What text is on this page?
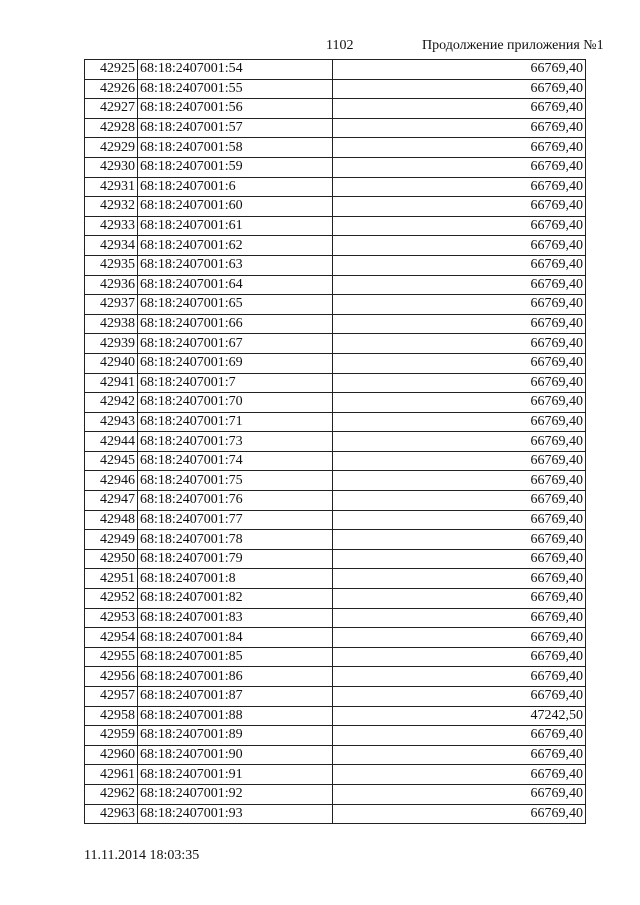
1102	Продолжение приложения №1
42925	68:18:2407001:54	66769,40
42926	68:18:2407001:55	66769,40
42927	68:18:2407001:56	66769,40
42928	68:18:2407001:57	66769,40
42929	68:18:2407001:58	66769,40
42930	68:18:2407001:59	66769,40
42931	68:18:2407001:6	66769,40
42932	68:18:2407001:60	66769,40
42933	68:18:2407001:61	66769,40
42934	68:18:2407001:62	66769,40
42935	68:18:2407001:63	66769,40
42936	68:18:2407001:64	66769,40
42937	68:18:2407001:65	66769,40
42938	68:18:2407001:66	66769,40
42939	68:18:2407001:67	66769,40
42940	68:18:2407001:69	66769,40
42941	68:18:2407001:7	66769,40
42942	68:18:2407001:70	66769,40
42943	68:18:2407001:71	66769,40
42944	68:18:2407001:73	66769,40
42945	68:18:2407001:74	66769,40
42946	68:18:2407001:75	66769,40
42947	68:18:2407001:76	66769,40
42948	68:18:2407001:77	66769,40
42949	68:18:2407001:78	66769,40
42950	68:18:2407001:79	66769,40
42951	68:18:2407001:8	66769,40
42952	68:18:2407001:82	66769,40
42953	68:18:2407001:83	66769,40
42954	68:18:2407001:84	66769,40
42955	68:18:2407001:85	66769,40
42956	68:18:2407001:86	66769,40
42957	68:18:2407001:87	66769,40
42958	68:18:2407001:88	47242,50
42959	68:18:2407001:89	66769,40
42960	68:18:2407001:90	66769,40
42961	68:18:2407001:91	66769,40
42962	68:18:2407001:92	66769,40
42963	68:18:2407001:93	66769,40
11.11.2014 18:03:35
